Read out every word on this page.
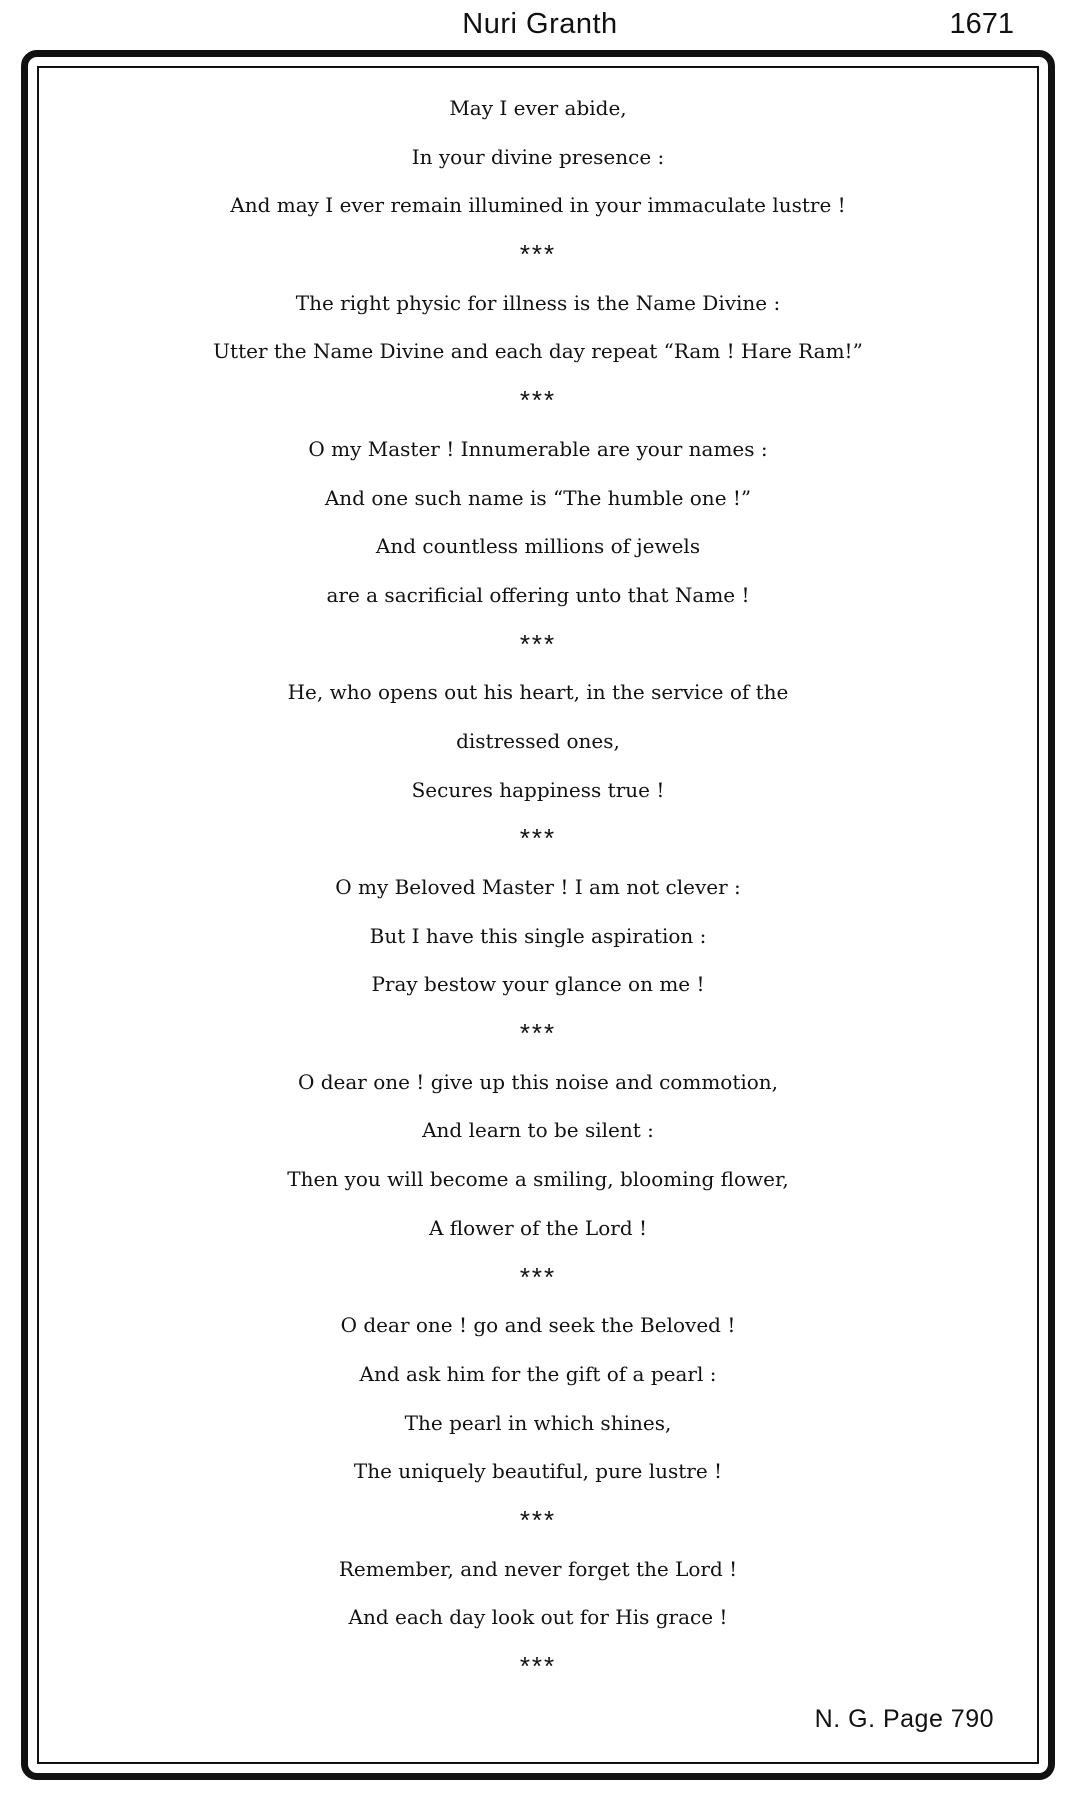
Nuri Granth	1671
May I ever abide,
In your divine presence :
And may I ever remain illumined in your immaculate lustre !
***
The right physic for illness is the Name Divine :
Utter the Name Divine and each day repeat “Ram ! Hare Ram!”
***
O my Master ! Innumerable are your names :
And one such name is “The humble one !”
And countless millions of jewels
are a sacrificial offering unto that Name !
***
He, who opens out his heart, in the service of the
distressed ones,
Secures happiness true !
***
O my Beloved Master ! I am not clever :
But I have this single aspiration :
Pray bestow your glance on me !
***
O dear one ! give up this noise and commotion,
And learn to be silent :
Then you will become a smiling, blooming flower,
A flower of the Lord !
***
O dear one ! go and seek the Beloved !
And ask him for the gift of a pearl :
The pearl in which shines,
The uniquely beautiful, pure lustre !
***
Remember, and never forget the Lord !
And each day look out for His grace !
***
N. G. Page 790
